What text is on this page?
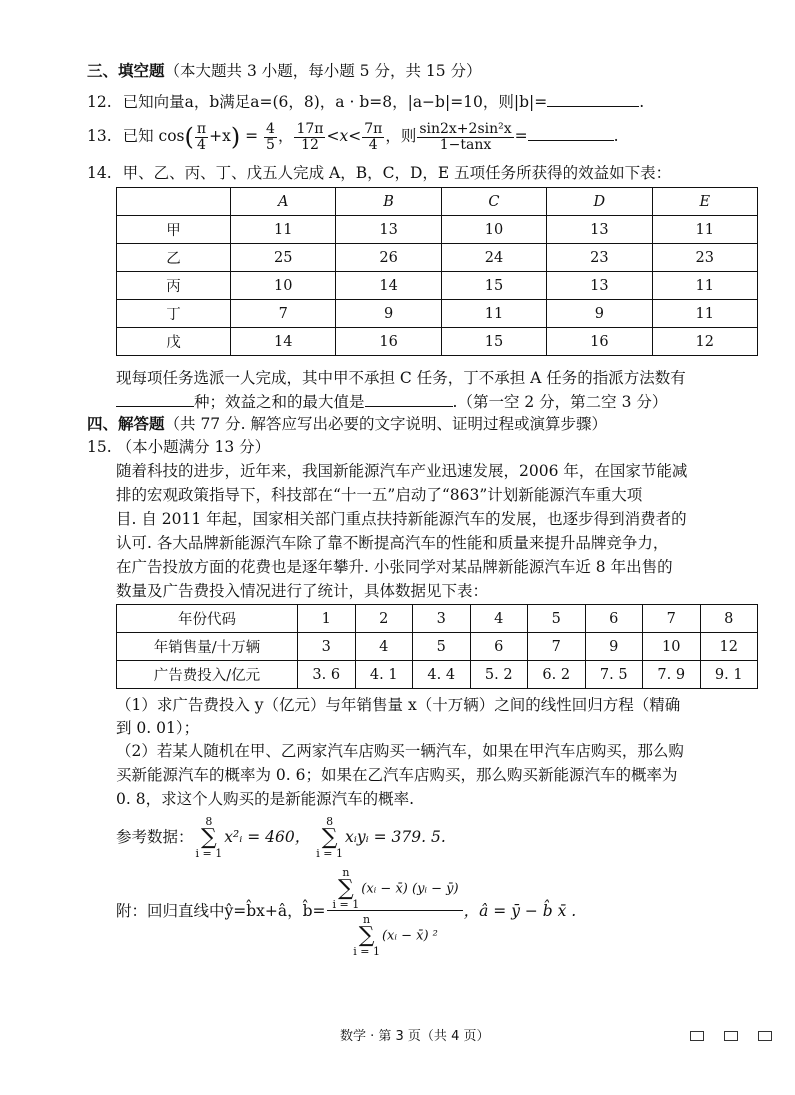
三、填空题（本大题共 3 小题，每小题 5 分，共 15 分）
12. 已知向量a，b满足a=(6，8)，a · b=8，|a−b|=10，则|b|=	.
13. 已知 $\cos( \frac{\pi}{4} +x) = \frac{4}{5}$ ， $\frac{17\pi}{12} <x< \frac{7\pi}{4}$ ，则 $\frac{\text{sin2x+2sin²x}}{1-\tan x}$ =	.
14. 甲、乙、丙、丁、戊五人完成 A，B，C，D，E 五项任务所获得的效益如下表：
	A	B	C	D	E
甲	11	13	10	13	11
乙	25	26	24	23	23
丙	10	14	15	13	11
丁	7	9	11	9	11
戊	14	16	15	16	12
现每项任务选派一人完成，其中甲不承担 C 任务，丁不承担 A 任务的指派方法数有
种；效益之和的最大值是	.（第一空 2 分，第二空 3 分）
四、解答题（共 77 分. 解答应写出必要的文字说明、证明过程或演算步骤）
15. （本小题满分 13 分）
随着科技的进步，近年来，我国新能源汽车产业迅速发展，2006 年，在国家节能减
排的宏观政策指导下，科技部在“十一五”启动了“863”计划新能源汽车重大项
目. 自 2011 年起，国家相关部门重点扶持新能源汽车的发展，也逐步得到消费者的
认可. 各大品牌新能源汽车除了靠不断提高汽车的性能和质量来提升品牌竞争力，
在广告投放方面的花费也是逐年攀升. 小张同学对某品牌新能源汽车近 8 年出售的
数量及广告费投入情况进行了统计，具体数据见下表：
年份代码	1	2	3	4	5	6	7	8
年销售量/十万辆	3	4	5	6	7	9	10	12
广告费投入/亿元	3. 6	4. 1	4. 4	5. 2	6. 2	7. 5	7. 9	9. 1
（1）求广告费投入 y（亿元）与年销售量 x（十万辆）之间的线性回归方程（精确
到 0. 01）；
（2）若某人随机在甲、乙两家汽车店购买一辆汽车，如果在甲汽车店购买，那么购
买新能源汽车的概率为 0. 6；如果在乙汽车店购买，那么购买新能源汽车的概率为
0. 8，求这个人购买的是新能源汽车的概率.
参考数据：8
∑
i = 1x²ᵢ = 460，8
∑
i = 1xᵢyᵢ = 379. 5.
附：回归直线中ŷ=b̂x+â，b̂= n
∑
i = 1(xᵢ − x̄) (yᵢ − ȳ)
n
∑
i = 1(xᵢ − x̄) ² ，â = ȳ − b̂ x̄ .
数学 · 第 3 页（共 4 页）
